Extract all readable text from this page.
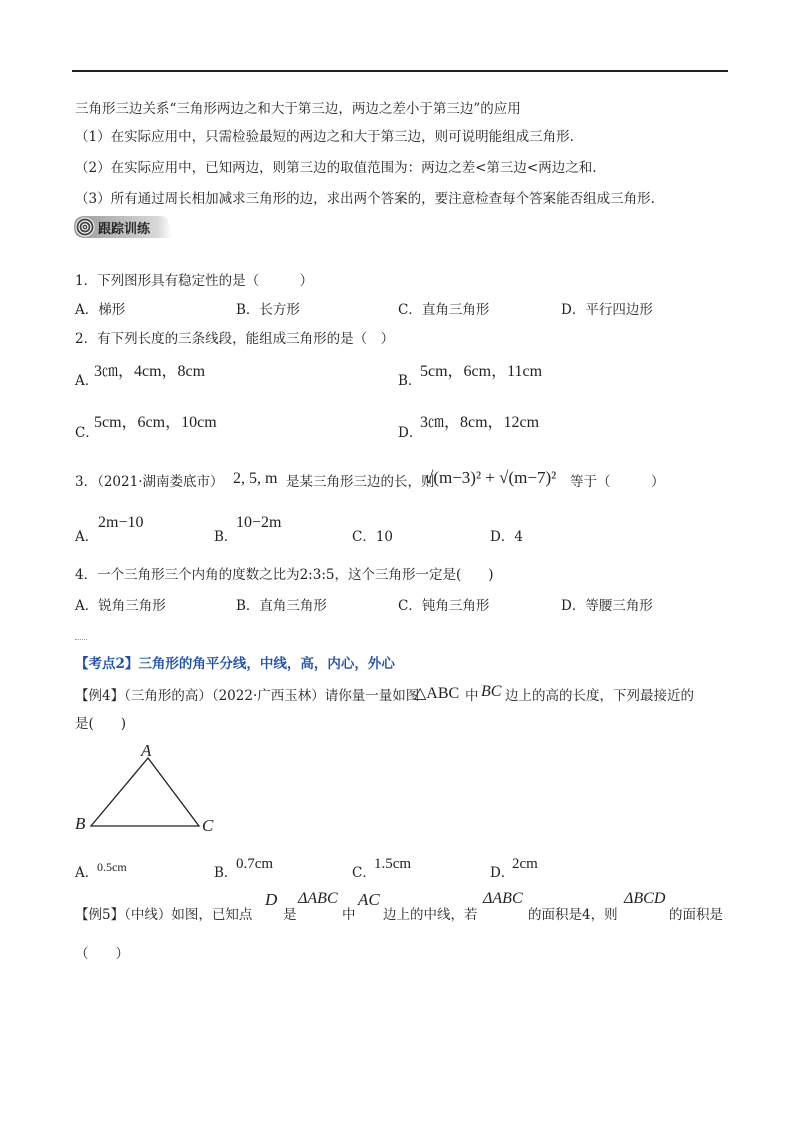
三角形三边关系“三角形两边之和大于第三边，两边之差小于第三边”的应用
（1）在实际应用中，只需检验最短的两边之和大于第三边，则可说明能组成三角形.
（2）在实际应用中，已知两边，则第三边的取值范围为：两边之差<第三边<两边之和.
（3）所有通过周长相加减求三角形的边，求出两个答案的，要注意检查每个答案能否组成三角形.
跟踪训练
1．下列图形具有稳定性的是（　　　）
A．梯形	B．长方形	C．直角三角形	D．平行四边形
2．有下列长度的三条线段，能组成三角形的是（　）
A．
3㎝，4cm，8cm
B．
5cm，6cm，11cm
C．
5cm，6cm，10cm
D．
3㎝，8cm，12cm
3．（2021·湖南娄底市） 2, 5, m 是某三角形三边的长，则
√(m−3)² + √(m−7)² 等于（　　　）
A．
2m−10
B．
10−2m
C．10	D．4
4．一个三角形三个内角的度数之比为2:3:5，这个三角形一定是(　　)
A．锐角三角形	B．直角三角形	C．钝角三角形	D．等腰三角形
【考点2】三角形的角平分线，中线，高，内心，外心
【例4】（三角形的高）（2022·广西玉林）请你量一量如图
△ABC 中 BC 边上的高的长度，下列最接近的
是(　　)
A
B	C
A．
0.5cm	B．
0.7cm
C．
1.5cm
D．
2cm
【例5】（中线）如图，已知点
D
是
ΔABC
中
AC
边上的中线，若
ΔABC
的面积是4，则
ΔBCD
的面积是
（　　）
